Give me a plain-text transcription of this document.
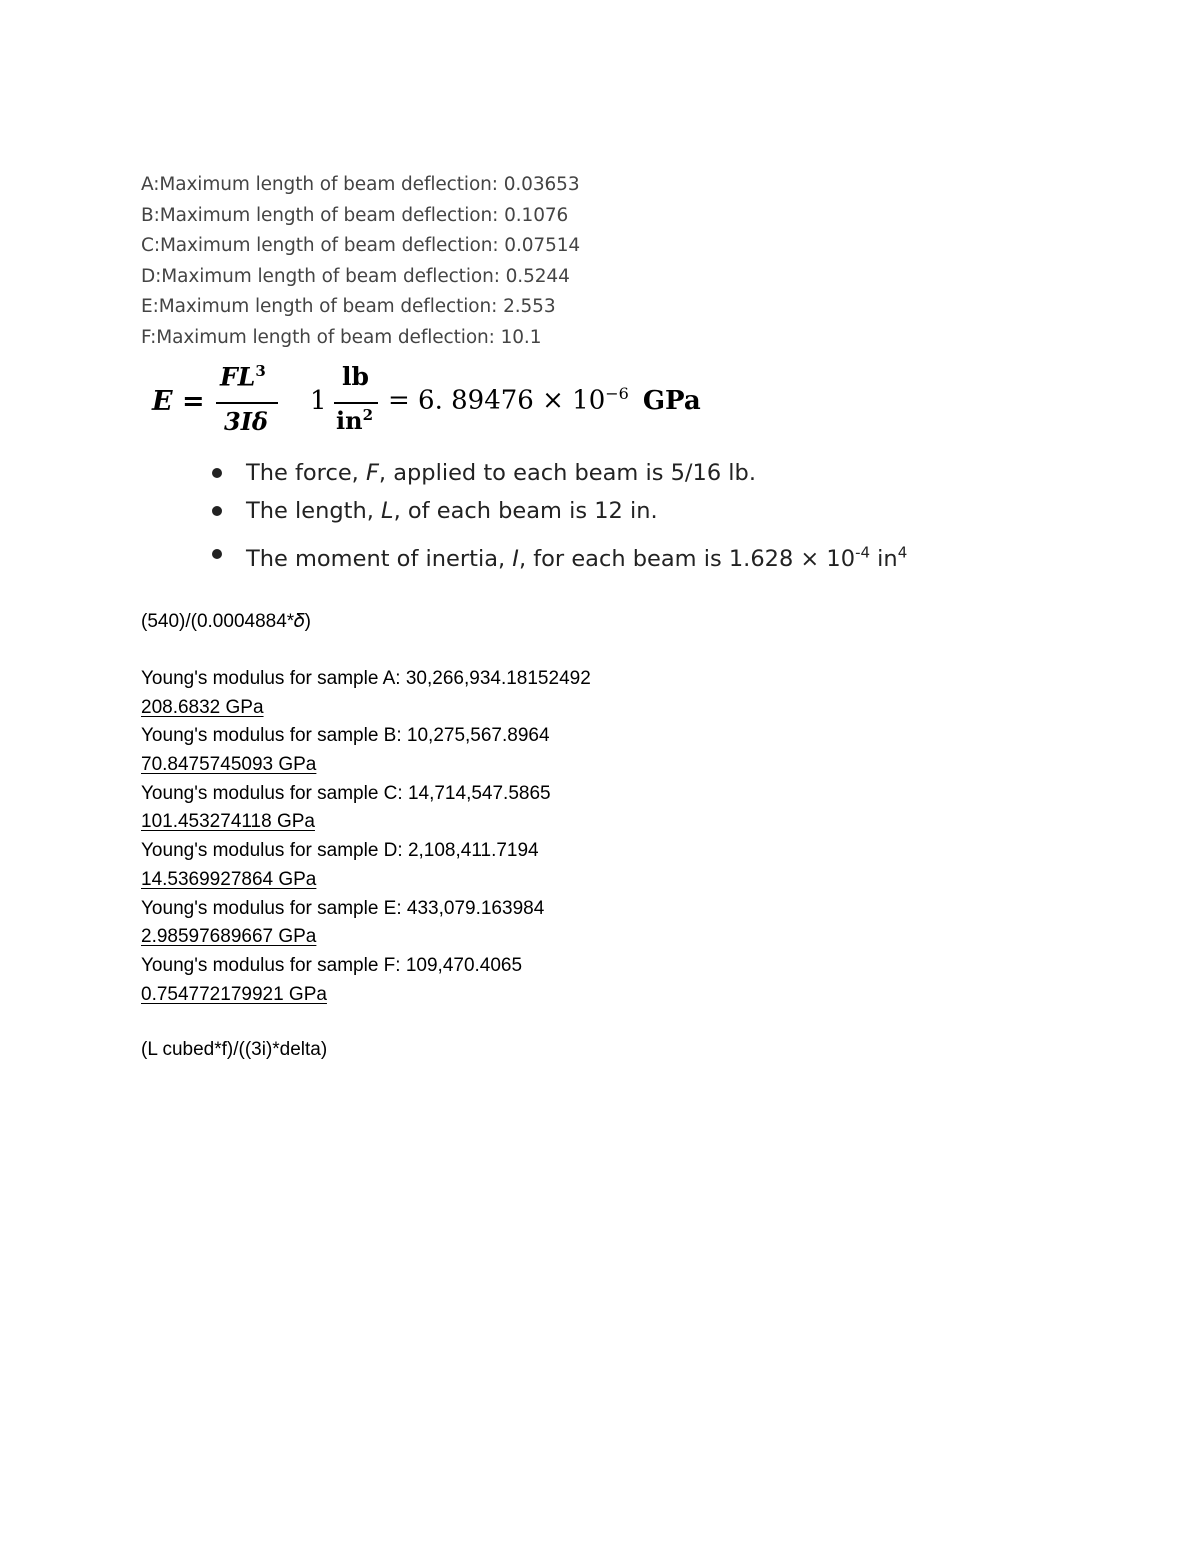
A:Maximum length of beam deflection: 0.03653
B:Maximum length of beam deflection: 0.1076
C:Maximum length of beam deflection: 0.07514
D:Maximum length of beam deflection: 0.5244
E:Maximum length of beam deflection: 2.553
F:Maximum length of beam deflection: 10.1
E =
$FL^3$
3Iδ
1
lb
$in^2 = 6$. $89476 \times 10^{-6}$ GPa
The force, F, applied to each beam is 5/16 lb.
The length, L, of each beam is 12 in.
The moment of inertia, I, for each beam is $1.628 \times 10^{-4}$ $in^4$
(540)/(0.0004884*𝛿)
Young's modulus for sample A: 30,266,934.18152492
208.6832 GPa
Young's modulus for sample B: 10,275,567.8964
70.8475745093 GPa
Young's modulus for sample C: 14,714,547.5865
101.453274118 GPa
Young's modulus for sample D: 2,108,411.7194
14.5369927864 GPa
Young's modulus for sample E: 433,079.163984
2.98597689667 GPa
Young's modulus for sample F: 109,470.4065
0.754772179921 GPa
(L cubed*f)/((3i)*delta)
